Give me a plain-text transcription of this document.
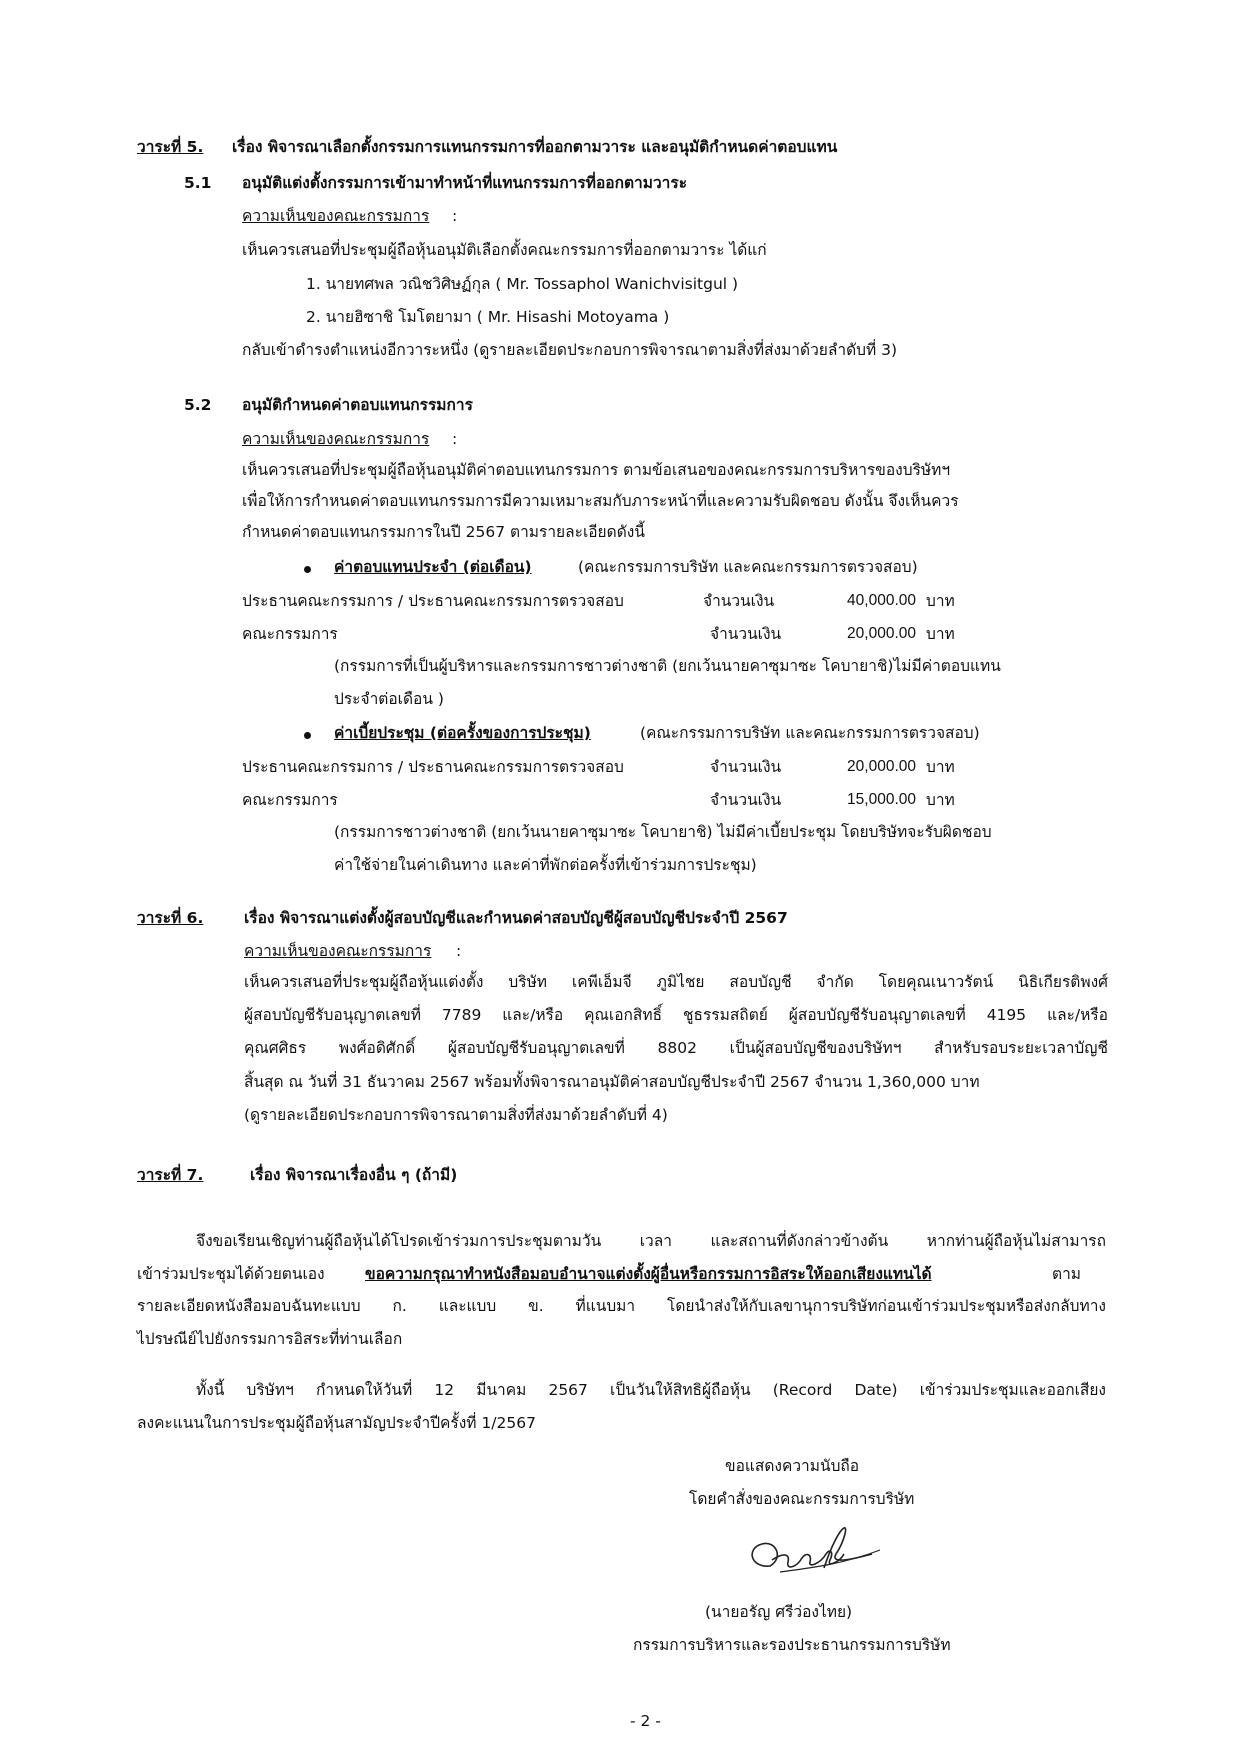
วาระที่ 5. เรื่อง พิจารณาเลือกตั้งกรรมการแทนกรรมการที่ออกตามวาระ และอนุมัติกำหนดค่าตอบแทน
5.1 อนุมัติแต่งตั้งกรรมการเข้ามาทำหน้าที่แทนกรรมการที่ออกตามวาระ
ความเห็นของคณะกรรมการ :
เห็นควรเสนอที่ประชุมผู้ถือหุ้นอนุมัติเลือกตั้งคณะกรรมการที่ออกตามวาระ ได้แก่
1. นายทศพล วณิชวิศิษฏ์กุล ( Mr. Tossaphol Wanichvisitgul )
2. นายฮิซาชิ โมโตยามา ( Mr. Hisashi Motoyama )
กลับเข้าดำรงตำแหน่งอีกวาระหนึ่ง (ดูรายละเอียดประกอบการพิจารณาตามสิ่งที่ส่งมาด้วยลำดับที่ 3)
5.2 อนุมัติกำหนดค่าตอบแทนกรรมการ
ความเห็นของคณะกรรมการ :
เห็นควรเสนอที่ประชุมผู้ถือหุ้นอนุมัติค่าตอบแทนกรรมการ ตามข้อเสนอของคณะกรรมการบริหารของบริษัทฯ
เพื่อให้การกำหนดค่าตอบแทนกรรมการมีความเหมาะสมกับภาระหน้าที่และความรับผิดชอบ ดังนั้น จึงเห็นควร
กำหนดค่าตอบแทนกรรมการในปี 2567 ตามรายละเอียดดังนี้
ค่าตอบแทนประจำ (ต่อเดือน)	(คณะกรรมการบริษัท และคณะกรรมการตรวจสอบ)
ประธานคณะกรรมการ / ประธานคณะกรรมการตรวจสอบ	จำนวนเงิน	40,000.00 บาท
คณะกรรมการ	จำนวนเงิน	20,000.00 บาท
(กรรมการที่เป็นผู้บริหารและกรรมการชาวต่างชาติ (ยกเว้นนายคาซุมาซะ โคบายาชิ)ไม่มีค่าตอบแทน
ประจำต่อเดือน )
ค่าเบี้ยประชุม (ต่อครั้งของการประชุม)	(คณะกรรมการบริษัท และคณะกรรมการตรวจสอบ)
ประธานคณะกรรมการ / ประธานคณะกรรมการตรวจสอบ	จำนวนเงิน	20,000.00 บาท
คณะกรรมการ	จำนวนเงิน	15,000.00 บาท
(กรรมการชาวต่างชาติ (ยกเว้นนายคาซุมาซะ โคบายาชิ) ไม่มีค่าเบี้ยประชุม โดยบริษัทจะรับผิดชอบ
ค่าใช้จ่ายในค่าเดินทาง และค่าที่พักต่อครั้งที่เข้าร่วมการประชุม)
วาระที่ 6.	เรื่อง พิจารณาแต่งตั้งผู้สอบบัญชีและกำหนดค่าสอบบัญชีผู้สอบบัญชีประจำปี 2567
ความเห็นของคณะกรรมการ :
เห็นควรเสนอที่ประชุมผู้ถือหุ้นแต่งตั้ง บริษัท เคพีเอ็มจี ภูมิไชย สอบบัญชี จำกัด โดยคุณเนาวรัตน์ นิธิเกียรติพงศ์
ผู้สอบบัญชีรับอนุญาตเลขที่ 7789 และ/หรือ คุณเอกสิทธิ์ ชูธรรมสถิตย์ ผู้สอบบัญชีรับอนุญาตเลขที่ 4195 และ/หรือ
คุณศศิธร พงศ์อดิศักดิ์ ผู้สอบบัญชีรับอนุญาตเลขที่ 8802 เป็นผู้สอบบัญชีของบริษัทฯ สำหรับรอบระยะเวลาบัญชี
สิ้นสุด ณ วันที่ 31 ธันวาคม 2567 พร้อมทั้งพิจารณาอนุมัติค่าสอบบัญชีประจำปี 2567 จำนวน 1,360,000 บาท
(ดูรายละเอียดประกอบการพิจารณาตามสิ่งที่ส่งมาด้วยลำดับที่ 4)
วาระที่ 7.	เรื่อง พิจารณาเรื่องอื่น ๆ (ถ้ามี)
จึงขอเรียนเชิญท่านผู้ถือหุ้นได้โปรดเข้าร่วมการประชุมตามวัน เวลา และสถานที่ดังกล่าวข้างต้น หากท่านผู้ถือหุ้นไม่สามารถ
เข้าร่วมประชุมได้ด้วยตนเอง	ขอความกรุณาทำหนังสือมอบอำนาจแต่งตั้งผู้อื่นหรือกรรมการอิสระให้ออกเสียงแทนได้	ตาม
รายละเอียดหนังสือมอบฉันทะแบบ ก. และแบบ ข. ที่แนบมา โดยนำส่งให้กับเลขานุการบริษัทก่อนเข้าร่วมประชุมหรือส่งกลับทาง
ไปรษณีย์ไปยังกรรมการอิสระที่ท่านเลือก
ทั้งนี้ บริษัทฯ กำหนดให้วันที่ 12 มีนาคม 2567 เป็นวันให้สิทธิผู้ถือหุ้น (Record Date) เข้าร่วมประชุมและออกเสียง
ลงคะแนนในการประชุมผู้ถือหุ้นสามัญประจำปีครั้งที่ 1/2567
ขอแสดงความนับถือ
โดยคำสั่งของคณะกรรมการบริษัท
(นายอรัญ ศรีว่องไทย)
กรรมการบริหารและรองประธานกรรมการบริษัท
- 2 -
